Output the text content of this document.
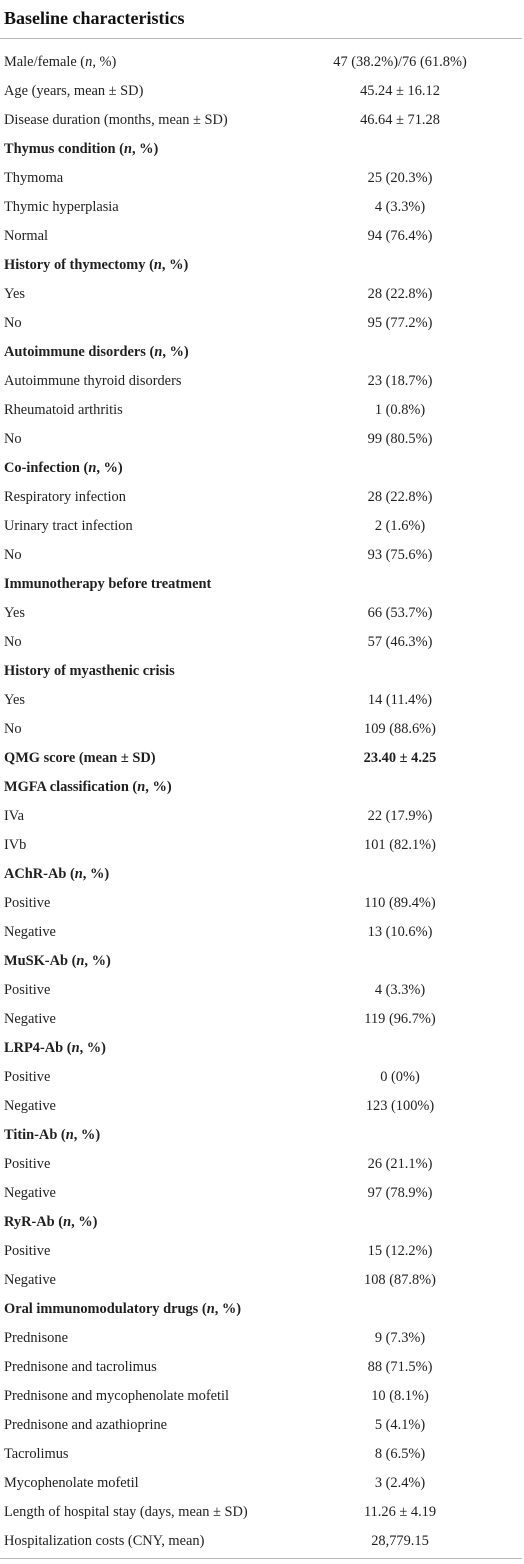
Baseline characteristics
Male/female (n, %)	47 (38.2%)/76 (61.8%)
Age (years, mean ± SD)	45.24 ± 16.12
Disease duration (months, mean ± SD)	46.64 ± 71.28
Thymus condition (n, %)
Thymoma	25 (20.3%)
Thymic hyperplasia	4 (3.3%)
Normal	94 (76.4%)
History of thymectomy (n, %)
Yes	28 (22.8%)
No	95 (77.2%)
Autoimmune disorders (n, %)
Autoimmune thyroid disorders	23 (18.7%)
Rheumatoid arthritis	1 (0.8%)
No	99 (80.5%)
Co-infection (n, %)
Respiratory infection	28 (22.8%)
Urinary tract infection	2 (1.6%)
No	93 (75.6%)
Immunotherapy before treatment
Yes	66 (53.7%)
No	57 (46.3%)
History of myasthenic crisis
Yes	14 (11.4%)
No	109 (88.6%)
QMG score (mean ± SD)	23.40 ± 4.25
MGFA classification (n, %)
IVa	22 (17.9%)
IVb	101 (82.1%)
AChR-Ab (n, %)
Positive	110 (89.4%)
Negative	13 (10.6%)
MuSK-Ab (n, %)
Positive	4 (3.3%)
Negative	119 (96.7%)
LRP4-Ab (n, %)
Positive	0 (0%)
Negative	123 (100%)
Titin-Ab (n, %)
Positive	26 (21.1%)
Negative	97 (78.9%)
RyR-Ab (n, %)
Positive	15 (12.2%)
Negative	108 (87.8%)
Oral immunomodulatory drugs (n, %)
Prednisone	9 (7.3%)
Prednisone and tacrolimus	88 (71.5%)
Prednisone and mycophenolate mofetil	10 (8.1%)
Prednisone and azathioprine	5 (4.1%)
Tacrolimus	8 (6.5%)
Mycophenolate mofetil	3 (2.4%)
Length of hospital stay (days, mean ± SD)	11.26 ± 4.19
Hospitalization costs (CNY, mean)	28,779.15
